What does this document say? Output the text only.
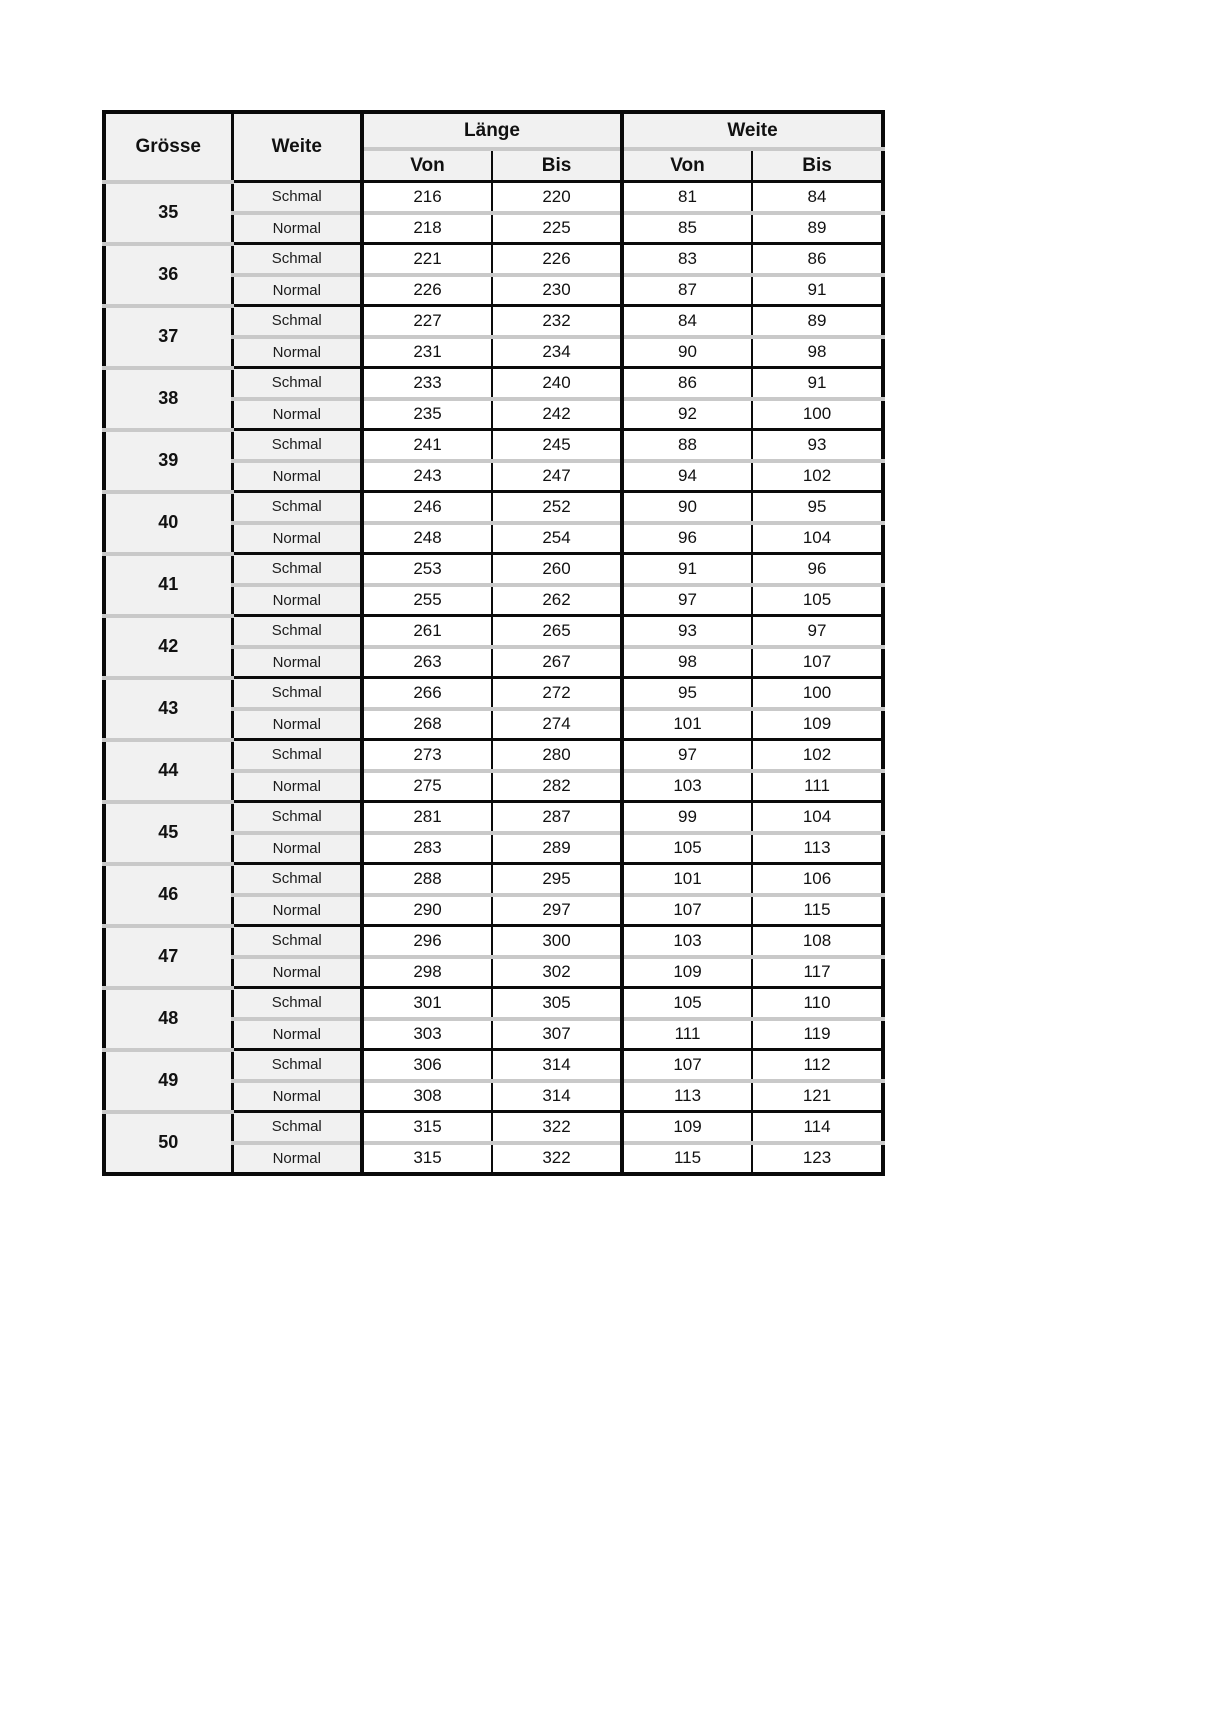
Grösse	Weite	Länge		Weite	
		Von	Bis	Von	Bis
35	Schmal	216	220	81	84
	Normal	218	225	85	89
36	Schmal	221	226	83	86
	Normal	226	230	87	91
37	Schmal	227	232	84	89
	Normal	231	234	90	98
38	Schmal	233	240	86	91
	Normal	235	242	92	100
39	Schmal	241	245	88	93
	Normal	243	247	94	102
40	Schmal	246	252	90	95
	Normal	248	254	96	104
41	Schmal	253	260	91	96
	Normal	255	262	97	105
42	Schmal	261	265	93	97
	Normal	263	267	98	107
43	Schmal	266	272	95	100
	Normal	268	274	101	109
44	Schmal	273	280	97	102
	Normal	275	282	103	111
45	Schmal	281	287	99	104
	Normal	283	289	105	113
46	Schmal	288	295	101	106
	Normal	290	297	107	115
47	Schmal	296	300	103	108
	Normal	298	302	109	117
48	Schmal	301	305	105	110
	Normal	303	307	111	119
49	Schmal	306	314	107	112
	Normal	308	314	113	121
50	Schmal	315	322	109	114
	Normal	315	322	115	123
